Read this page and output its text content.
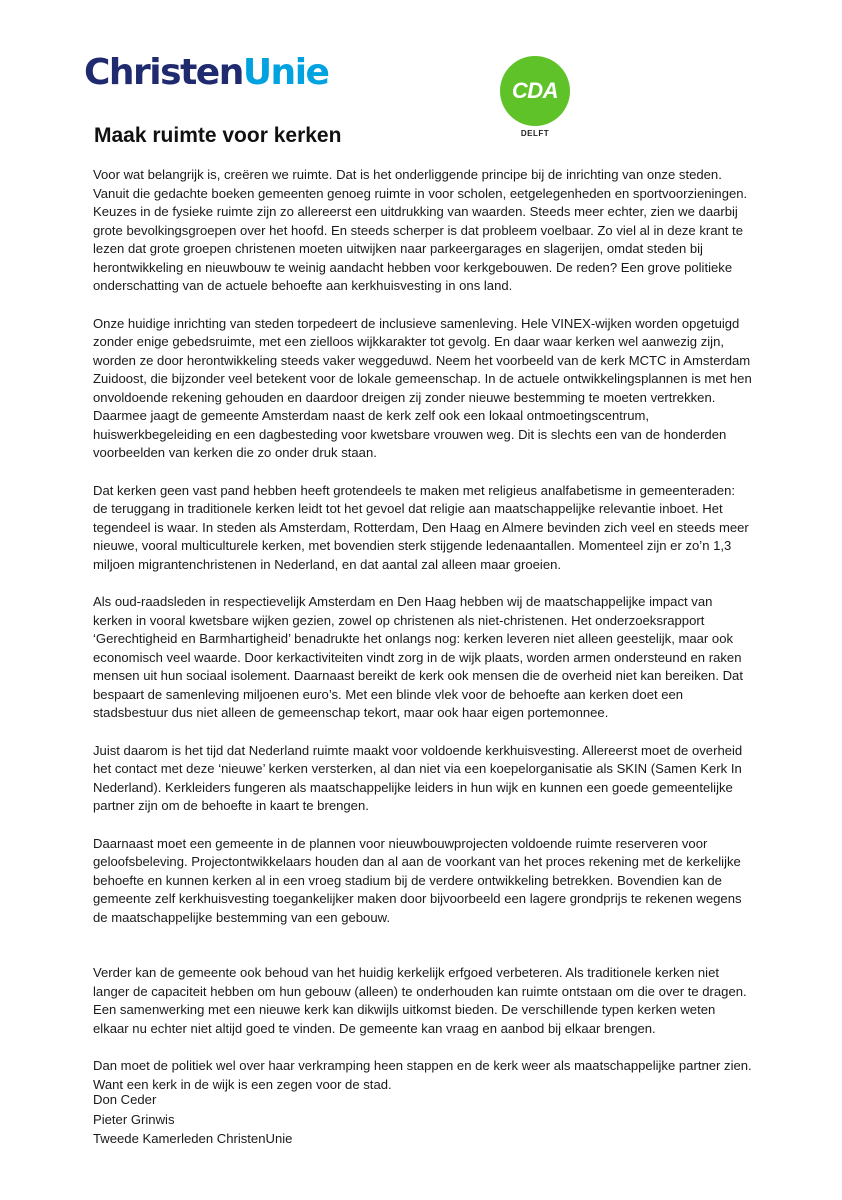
ChristenUnie	CDA
DELFT
Maak ruimte voor kerken

Voor wat belangrijk is, creëren we ruimte. Dat is het onderliggende principe bij de inrichting van onze steden. Vanuit die gedachte boeken gemeenten genoeg ruimte in voor scholen, eetgelegenheden en sportvoorzieningen. Keuzes in de fysieke ruimte zijn zo allereerst een uitdrukking van waarden. Steeds meer echter, zien we daarbij grote bevolkingsgroepen over het hoofd. En steeds scherper is dat probleem voelbaar. Zo viel al in deze krant te lezen dat grote groepen christenen moeten uitwijken naar parkeergarages en slagerijen, omdat steden bij herontwikkeling en nieuwbouw te weinig aandacht hebben voor kerkgebouwen. De reden? Een grove politieke onderschatting van de actuele behoefte aan kerkhuisvesting in ons land.

Onze huidige inrichting van steden torpedeert de inclusieve samenleving. Hele VINEX-wijken worden opgetuigd zonder enige gebedsruimte, met een zielloos wijkkarakter tot gevolg. En daar waar kerken wel aanwezig zijn, worden ze door herontwikkeling steeds vaker weggeduwd. Neem het voorbeeld van de kerk MCTC in Amsterdam Zuidoost, die bijzonder veel betekent voor de lokale gemeenschap. In de actuele ontwikkelingsplannen is met hen onvoldoende rekening gehouden en daardoor dreigen zij zonder nieuwe bestemming te moeten vertrekken. Daarmee jaagt de gemeente Amsterdam naast de kerk zelf ook een lokaal ontmoetingscentrum, huiswerkbegeleiding en een dagbesteding voor kwetsbare vrouwen weg. Dit is slechts een van de honderden voorbeelden van kerken die zo onder druk staan.

Dat kerken geen vast pand hebben heeft grotendeels te maken met religieus analfabetisme in gemeenteraden: de teruggang in traditionele kerken leidt tot het gevoel dat religie aan maatschappelijke relevantie inboet. Het tegendeel is waar. In steden als Amsterdam, Rotterdam, Den Haag en Almere bevinden zich veel en steeds meer nieuwe, vooral multiculturele kerken, met bovendien sterk stijgende ledenaantallen. Momenteel zijn er zo’n 1,3 miljoen migrantenchristenen in Nederland, en dat aantal zal alleen maar groeien.

Als oud-raadsleden in respectievelijk Amsterdam en Den Haag hebben wij de maatschappelijke impact van kerken in vooral kwetsbare wijken gezien, zowel op christenen als niet-christenen. Het onderzoeksrapport ‘Gerechtigheid en Barmhartigheid’ benadrukte het onlangs nog: kerken leveren niet alleen geestelijk, maar ook economisch veel waarde. Door kerkactiviteiten vindt zorg in de wijk plaats, worden armen ondersteund en raken mensen uit hun sociaal isolement. Daarnaast bereikt de kerk ook mensen die de overheid niet kan bereiken. Dat bespaart de samenleving miljoenen euro’s. Met een blinde vlek voor de behoefte aan kerken doet een stadsbestuur dus niet alleen de gemeenschap tekort, maar ook haar eigen portemonnee.

Juist daarom is het tijd dat Nederland ruimte maakt voor voldoende kerkhuisvesting. Allereerst moet de overheid het contact met deze ‘nieuwe’ kerken versterken, al dan niet via een koepelorganisatie als SKIN (Samen Kerk In Nederland). Kerkleiders fungeren als maatschappelijke leiders in hun wijk en kunnen een goede gemeentelijke partner zijn om de behoefte in kaart te brengen.

Daarnaast moet een gemeente in de plannen voor nieuwbouwprojecten voldoende ruimte reserveren voor geloofsbeleving. Projectontwikkelaars houden dan al aan de voorkant van het proces rekening met de kerkelijke behoefte en kunnen kerken al in een vroeg stadium bij de verdere ontwikkeling betrekken. Bovendien kan de gemeente zelf kerkhuisvesting toegankelijker maken door bijvoorbeeld een lagere grondprijs te rekenen wegens de maatschappelijke bestemming van een gebouw.

Verder kan de gemeente ook behoud van het huidig kerkelijk erfgoed verbeteren. Als traditionele kerken niet langer de capaciteit hebben om hun gebouw (alleen) te onderhouden kan ruimte ontstaan om die over te dragen. Een samenwerking met een nieuwe kerk kan dikwijls uitkomst bieden. De verschillende typen kerken weten elkaar nu echter niet altijd goed te vinden. De gemeente kan vraag en aanbod bij elkaar brengen.

Dan moet de politiek wel over haar verkramping heen stappen en de kerk weer als maatschappelijke partner zien. Want een kerk in de wijk is een zegen voor de stad.

Don Ceder
Pieter Grinwis
Tweede Kamerleden ChristenUnie
